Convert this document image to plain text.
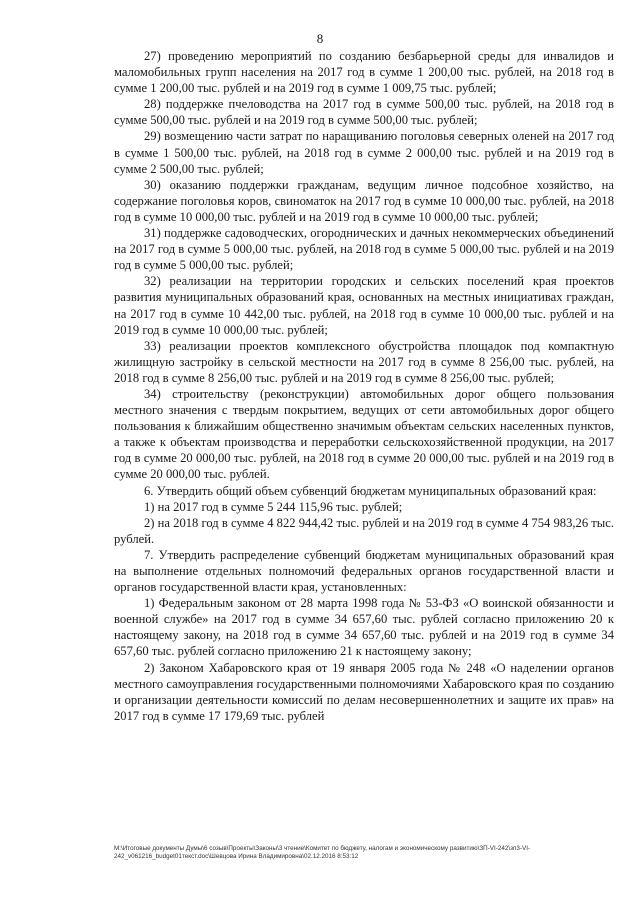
8

27) проведению мероприятий по созданию безбарьерной среды для инвалидов и маломобильных групп населения на 2017 год в сумме 1 200,00 тыс. рублей, на 2018 год в сумме 1 200,00 тыс. рублей и на 2019 год в сумме 1 009,75 тыс. рублей;

28) поддержке пчеловодства на 2017 год в сумме 500,00 тыс. рублей, на 2018 год в сумме 500,00 тыс. рублей и на 2019 год в сумме 500,00 тыс. рублей;

29) возмещению части затрат по наращиванию поголовья северных оленей на 2017 год в сумме 1 500,00 тыс. рублей, на 2018 год в сумме 2 000,00 тыс. рублей и на 2019 год в сумме 2 500,00 тыс. рублей;

30) оказанию поддержки гражданам, ведущим личное подсобное хозяйство, на содержание поголовья коров, свиноматок на 2017 год в сумме 10 000,00 тыс. рублей, на 2018 год в сумме 10 000,00 тыс. рублей и на 2019 год в сумме 10 000,00 тыс. рублей;

31) поддержке садоводческих, огороднических и дачных некоммерческих объединений на 2017 год в сумме 5 000,00 тыс. рублей, на 2018 год в сумме 5 000,00 тыс. рублей и на 2019 год в сумме 5 000,00 тыс. рублей;

32) реализации на территории городских и сельских поселений края проектов развития муниципальных образований края, основанных на местных инициативах граждан, на 2017 год в сумме 10 442,00 тыс. рублей, на 2018 год в сумме 10 000,00 тыс. рублей и на 2019 год в сумме 10 000,00 тыс. рублей;

33) реализации проектов комплексного обустройства площадок под компактную жилищную застройку в сельской местности на 2017 год в сумме 8 256,00 тыс. рублей, на 2018 год в сумме 8 256,00 тыс. рублей и на 2019 год в сумме 8 256,00 тыс. рублей;

34) строительству (реконструкции) автомобильных дорог общего пользования местного значения с твердым покрытием, ведущих от сети автомобильных дорог общего пользования к ближайшим общественно значимым объектам сельских населенных пунктов, а также к объектам производства и переработки сельскохозяйственной продукции, на 2017 год в сумме 20 000,00 тыс. рублей, на 2018 год в сумме 20 000,00 тыс. рублей и на 2019 год в сумме 20 000,00 тыс. рублей.

6. Утвердить общий объем субвенций бюджетам муниципальных образований края:

1) на 2017 год в сумме 5 244 115,96 тыс. рублей;

2) на 2018 год в сумме 4 822 944,42 тыс. рублей и на 2019 год в сумме 4 754 983,26 тыс. рублей.

7. Утвердить распределение субвенций бюджетам муниципальных образований края на выполнение отдельных полномочий федеральных органов государственной власти и органов государственной власти края, установленных:

1) Федеральным законом от 28 марта 1998 года № 53-ФЗ «О воинской обязанности и военной службе» на 2017 год в сумме 34 657,60 тыс. рублей согласно приложению 20 к настоящему закону, на 2018 год в сумме 34 657,60 тыс. рублей и на 2019 год в сумме 34 657,60 тыс. рублей согласно приложению 21 к настоящему закону;

2) Законом Хабаровского края от 19 января 2005 года № 248 «О наделении органов местного самоуправления государственными полномочиями Хабаровского края по созданию и организации деятельности комиссий по делам несовершеннолетних и защите их прав» на 2017 год в сумме 17 179,69 тыс. рублей

М:\Итоговые документы Думы\6 созыв\Проекты\Законы\3 чтение\Комитет по бюджету, налогам и экономическому развитию\ЗП-VI-242\зп3-VI-242_v061216_budget01текст.doc\Шевцова Ирина Владимировна\02.12.2016 8:53:12
